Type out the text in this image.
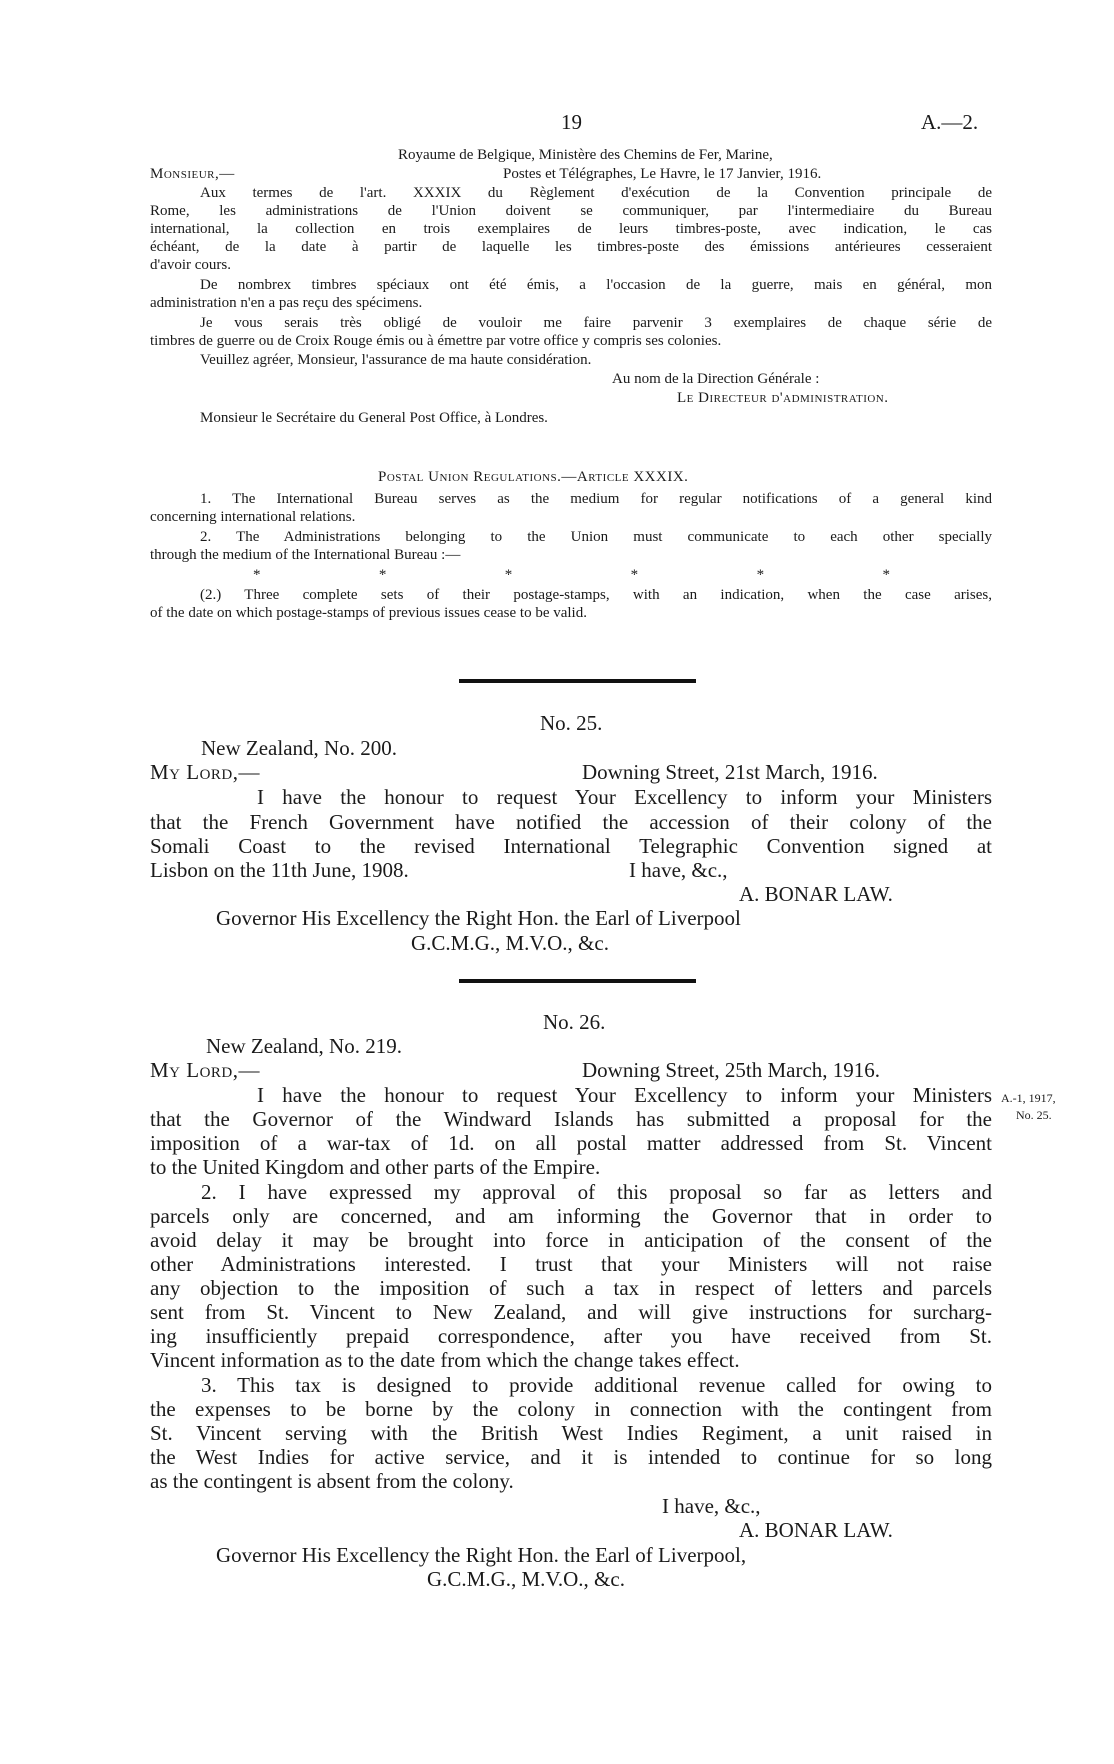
19	A.—2.
Royaume de Belgique, Ministère des Chemins de Fer, Marine,
Monsieur,—	Postes et Télégraphes, Le Havre, le 17 Janvier, 1916.
Aux termes de l'art. XXXIX du Règlement d'exécution de la Convention principale de
Rome, les administrations de l'Union doivent se communiquer, par l'intermediaire du Bureau
international, la collection en trois exemplaires de leurs timbres-poste, avec indication, le cas
échéant, de la date à partir de laquelle les timbres-poste des émissions antérieures cesseraient
d'avoir cours.
De nombrex timbres spéciaux ont été émis, a l'occasion de la guerre, mais en général, mon
administration n'en a pas reçu des spécimens.
Je vous serais très obligé de vouloir me faire parvenir 3 exemplaires de chaque série de
timbres de guerre ou de Croix Rouge émis ou à émettre par votre office y compris ses colonies.
Veuillez agréer, Monsieur, l'assurance de ma haute considération.
Au nom de la Direction Générale :
Le Directeur d'administration.
Monsieur le Secrétaire du General Post Office, à Londres.
Postal Union Regulations.—Article XXXIX.
1. The International Bureau serves as the medium for regular notifications of a general kind
concerning international relations.
2. The Administrations belonging to the Union must communicate to each other specially
through the medium of the International Bureau :—
*	*	*	*	*	*
(2.) Three complete sets of their postage-stamps, with an indication, when the case arises,
of the date on which postage-stamps of previous issues cease to be valid.
No. 25.
New Zealand, No. 200.
My Lord,—	Downing Street, 21st March, 1916.
I have the honour to request Your Excellency to inform your Ministers
that the French Government have notified the accession of their colony of the
Somali Coast to the revised International Telegraphic Convention signed at
Lisbon on the 11th June, 1908.	I have, &c.,
A. BONAR LAW.
Governor His Excellency the Right Hon. the Earl of Liverpool
G.C.M.G., M.V.O., &c.
No. 26.
New Zealand, No. 219.
My Lord,—	Downing Street, 25th March, 1916.
I have the honour to request Your Excellency to inform your Ministers
that the Governor of the Windward Islands has submitted a proposal for the
imposition of a war-tax of 1d. on all postal matter addressed from St. Vincent
to the United Kingdom and other parts of the Empire.
2. I have expressed my approval of this proposal so far as letters and
parcels only are concerned, and am informing the Governor that in order to
avoid delay it may be brought into force in anticipation of the consent of the
other Administrations interested. I trust that your Ministers will not raise
any objection to the imposition of such a tax in respect of letters and parcels
sent from St. Vincent to New Zealand, and will give instructions for surcharg-
ing insufficiently prepaid correspondence, after you have received from St.
Vincent information as to the date from which the change takes effect.
3. This tax is designed to provide additional revenue called for owing to
the expenses to be borne by the colony in connection with the contingent from
St. Vincent serving with the British West Indies Regiment, a unit raised in
the West Indies for active service, and it is intended to continue for so long
as the contingent is absent from the colony.
I have, &c.,
A. BONAR LAW.
Governor His Excellency the Right Hon. the Earl of Liverpool,
G.C.M.G., M.V.O., &c.
A.-1, 1917,
No. 25.
